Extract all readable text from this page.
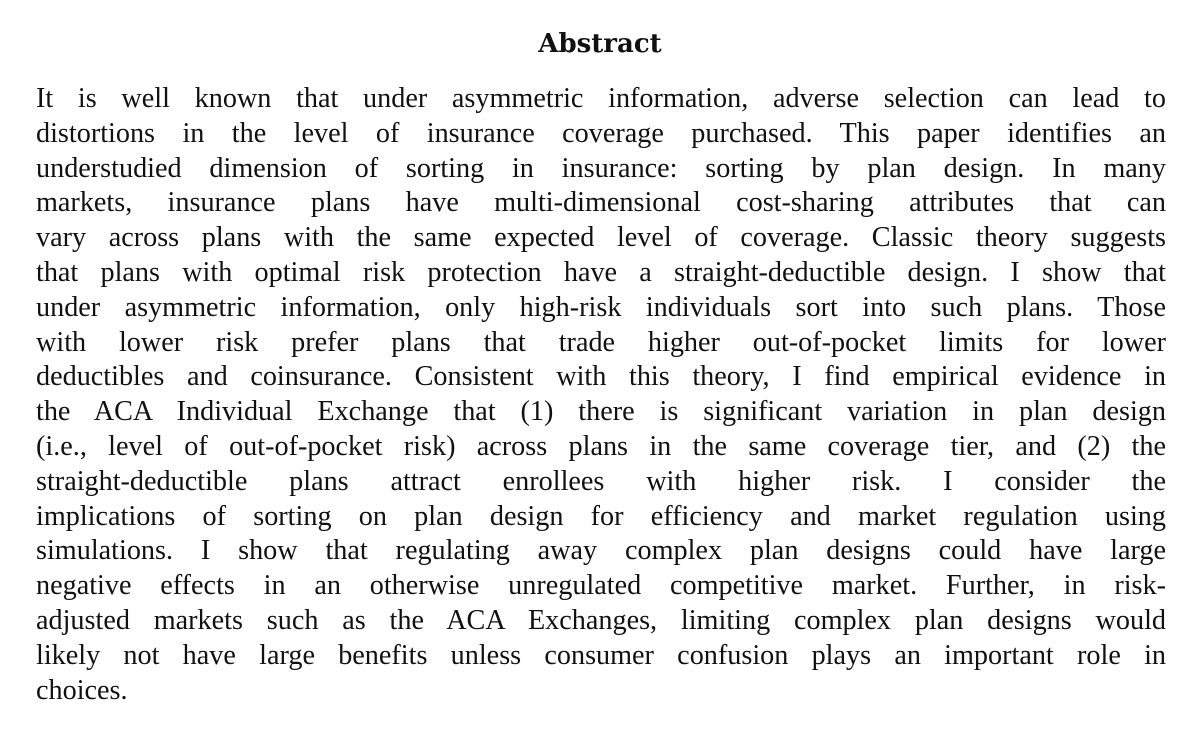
Abstract
It is well known that under asymmetric information, adverse selection can lead to
distortions in the level of insurance coverage purchased. This paper identifies an
understudied dimension of sorting in insurance: sorting by plan design. In many
markets, insurance plans have multi-dimensional cost-sharing attributes that can
vary across plans with the same expected level of coverage. Classic theory suggests
that plans with optimal risk protection have a straight-deductible design. I show that
under asymmetric information, only high-risk individuals sort into such plans. Those
with lower risk prefer plans that trade higher out-of-pocket limits for lower
deductibles and coinsurance. Consistent with this theory, I find empirical evidence in
the ACA Individual Exchange that (1) there is significant variation in plan design
(i.e., level of out-of-pocket risk) across plans in the same coverage tier, and (2) the
straight-deductible plans attract enrollees with higher risk. I consider the
implications of sorting on plan design for efficiency and market regulation using
simulations. I show that regulating away complex plan designs could have large
negative effects in an otherwise unregulated competitive market. Further, in risk-
adjusted markets such as the ACA Exchanges, limiting complex plan designs would
likely not have large benefits unless consumer confusion plays an important role in
choices.
